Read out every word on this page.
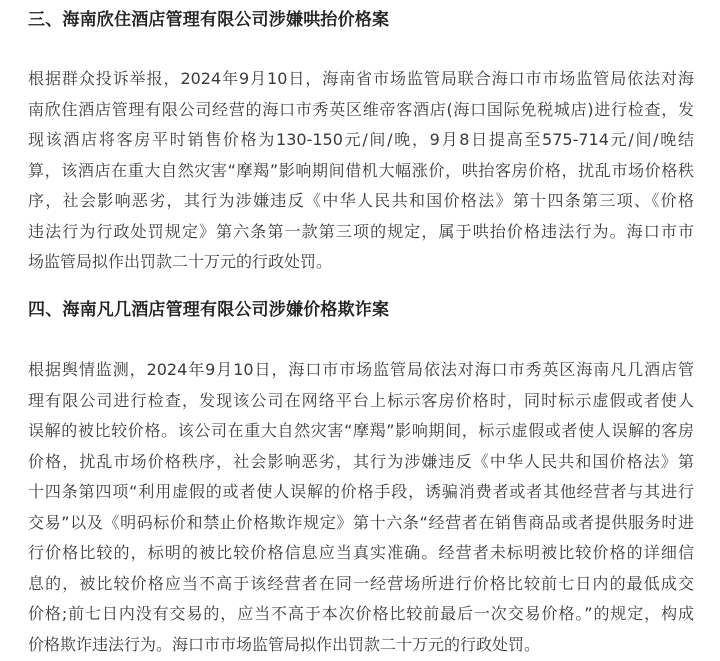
三、海南欣住酒店管理有限公司涉嫌哄抬价格案
根据群众投诉举报，2024年9月10日，海南省市场监管局联合海口市市场监管局依法对海
南欣住酒店管理有限公司经营的海口市秀英区维帝客酒店(海口国际免税城店)进行检查，发
现该酒店将客房平时销售价格为130-150元/间/晚，9月8日提高至575-714元/间/晚结
算，该酒店在重大自然灾害“摩羯”影响期间借机大幅涨价，哄抬客房价格，扰乱市场价格秩
序，社会影响恶劣，其行为涉嫌违反《中华人民共和国价格法》第十四条第三项、《价格
违法行为行政处罚规定》第六条第一款第三项的规定，属于哄抬价格违法行为。海口市市
场监管局拟作出罚款二十万元的行政处罚。
四、海南凡几酒店管理有限公司涉嫌价格欺诈案
根据舆情监测，2024年9月10日，海口市市场监管局依法对海口市秀英区海南凡几酒店管
理有限公司进行检查，发现该公司在网络平台上标示客房价格时，同时标示虚假或者使人
误解的被比较价格。该公司在重大自然灾害“摩羯”影响期间，标示虚假或者使人误解的客房
价格，扰乱市场价格秩序，社会影响恶劣，其行为涉嫌违反《中华人民共和国价格法》第
十四条第四项“利用虚假的或者使人误解的价格手段，诱骗消费者或者其他经营者与其进行
交易”以及《明码标价和禁止价格欺诈规定》第十六条“经营者在销售商品或者提供服务时进
行价格比较的，标明的被比较价格信息应当真实准确。经营者未标明被比较价格的详细信
息的，被比较价格应当不高于该经营者在同一经营场所进行价格比较前七日内的最低成交
价格;前七日内没有交易的，应当不高于本次价格比较前最后一次交易价格。”的规定，构成
价格欺诈违法行为。海口市市场监管局拟作出罚款二十万元的行政处罚。
